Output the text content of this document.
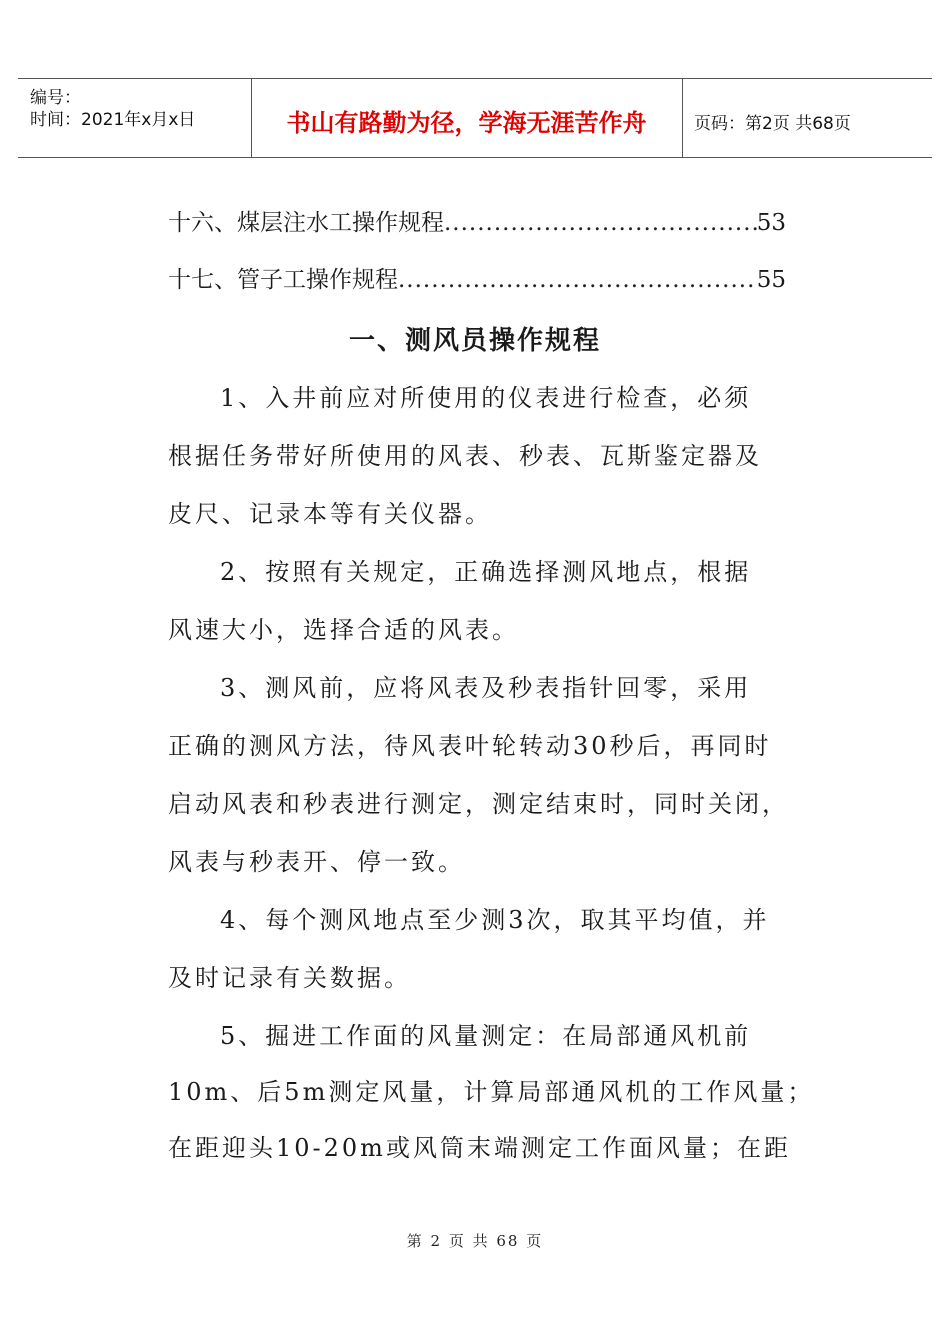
编号：
时间：2021年x月x日	书山有路勤为径，学海无涯苦作舟	页码：第2页 共68页
十六、煤层注水工操作规程 .....	53
十七、管子工操作规程 .....	55
一、测风员操作规程
1、入井前应对所使用的仪表进行检查，必须
根据任务带好所使用的风表、秒表、瓦斯鉴定器及
皮尺、记录本等有关仪器。
2、按照有关规定，正确选择测风地点，根据
风速大小，选择合适的风表。
3、测风前，应将风表及秒表指针回零，采用
正确的测风方法，待风表叶轮转动30秒后，再同时
启动风表和秒表进行测定，测定结束时，同时关闭，
风表与秒表开、停一致。
4、每个测风地点至少测3次，取其平均值，并
及时记录有关数据。
5、掘进工作面的风量测定：在局部通风机前
10m、后5m测定风量，计算局部通风机的工作风量；
在距迎头10-20m或风筒末端测定工作面风量；在距
第 2 页 共 68 页
